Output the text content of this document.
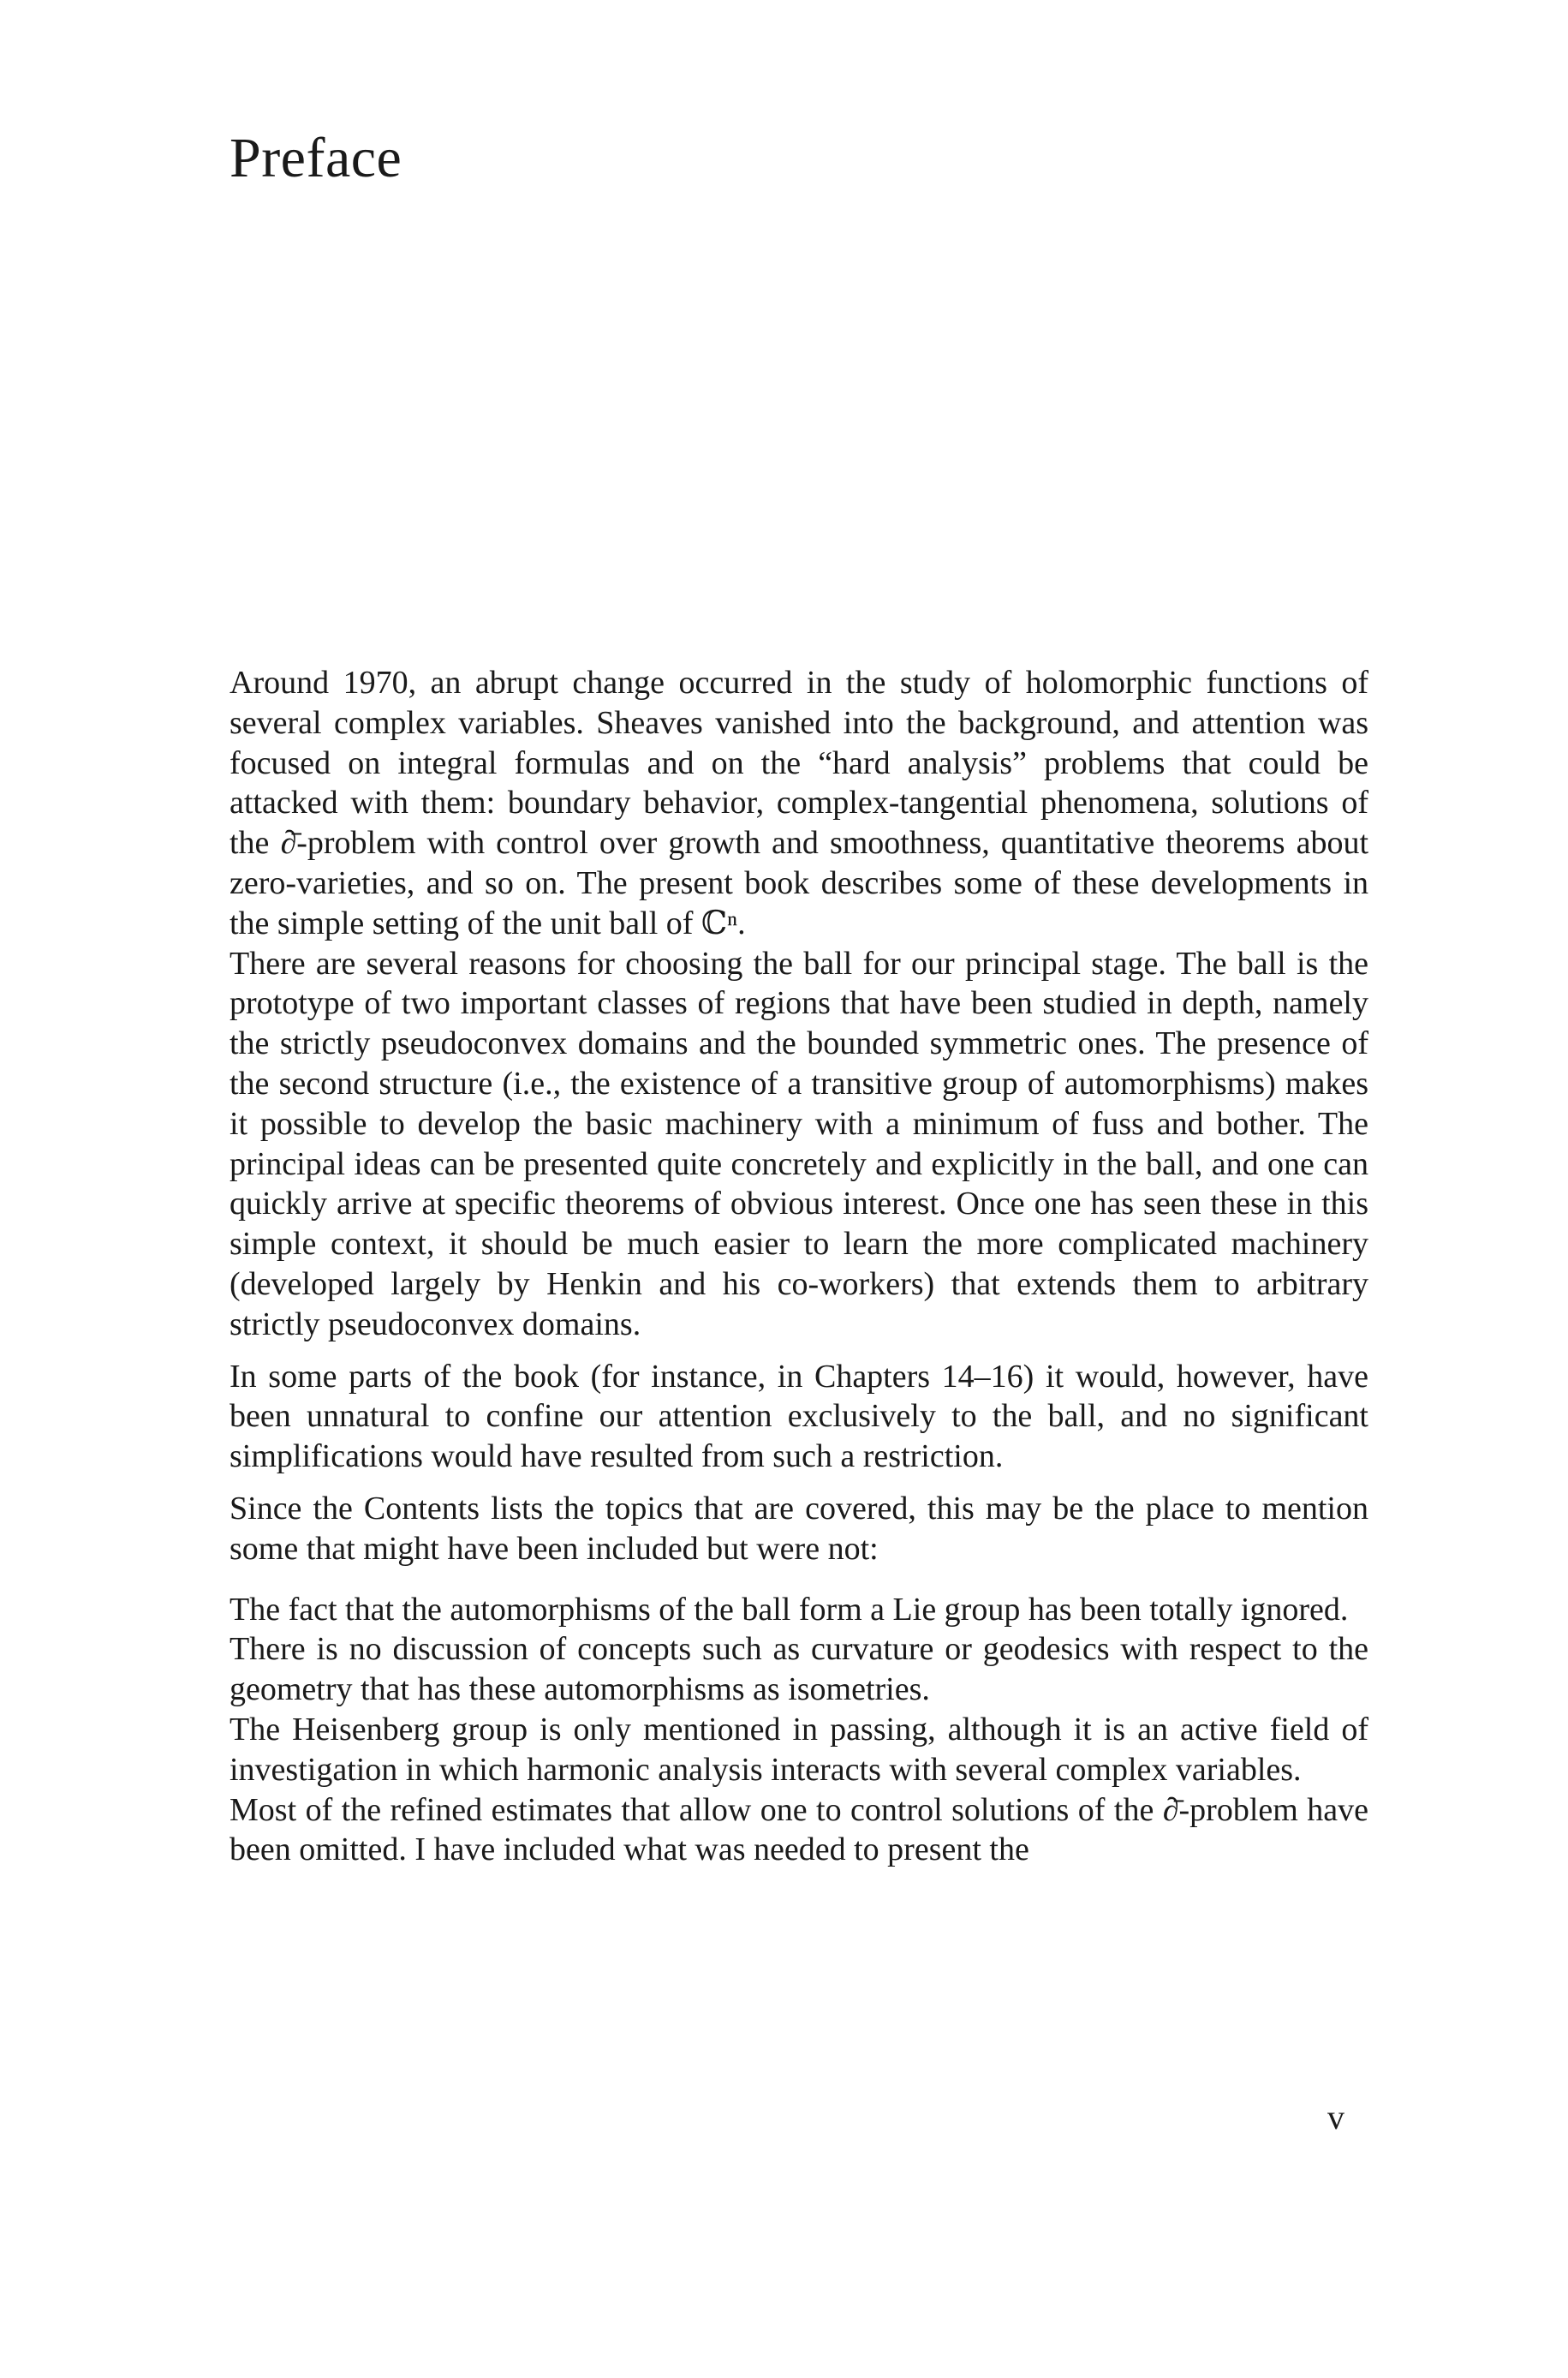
Preface

Around 1970, an abrupt change occurred in the study of holomorphic functions of several complex variables. Sheaves vanished into the background, and attention was focused on integral formulas and on the “hard analysis” problems that could be attacked with them: boundary behavior, complex-tangential phenomena, solutions of the ∂̄-problem with control over growth and smoothness, quantitative theorems about zero-varieties, and so on. The present book describes some of these developments in the simple setting of the unit ball of ℂⁿ.

There are several reasons for choosing the ball for our principal stage. The ball is the prototype of two important classes of regions that have been studied in depth, namely the strictly pseudoconvex domains and the bounded symmetric ones. The presence of the second structure (i.e., the existence of a transitive group of automorphisms) makes it possible to develop the basic machinery with a minimum of fuss and bother. The principal ideas can be presented quite concretely and explicitly in the ball, and one can quickly arrive at specific theorems of obvious interest. Once one has seen these in this simple context, it should be much easier to learn the more complicated machinery (developed largely by Henkin and his co-workers) that extends them to arbitrary strictly pseudoconvex domains.

In some parts of the book (for instance, in Chapters 14–16) it would, however, have been unnatural to confine our attention exclusively to the ball, and no significant simplifications would have resulted from such a restriction.

Since the Contents lists the topics that are covered, this may be the place to mention some that might have been included but were not:

The fact that the automorphisms of the ball form a Lie group has been totally ignored.

There is no discussion of concepts such as curvature or geodesics with respect to the geometry that has these automorphisms as isometries.

The Heisenberg group is only mentioned in passing, although it is an active field of investigation in which harmonic analysis interacts with several complex variables.

Most of the refined estimates that allow one to control solutions of the ∂̄-problem have been omitted. I have included what was needed to present the

v
